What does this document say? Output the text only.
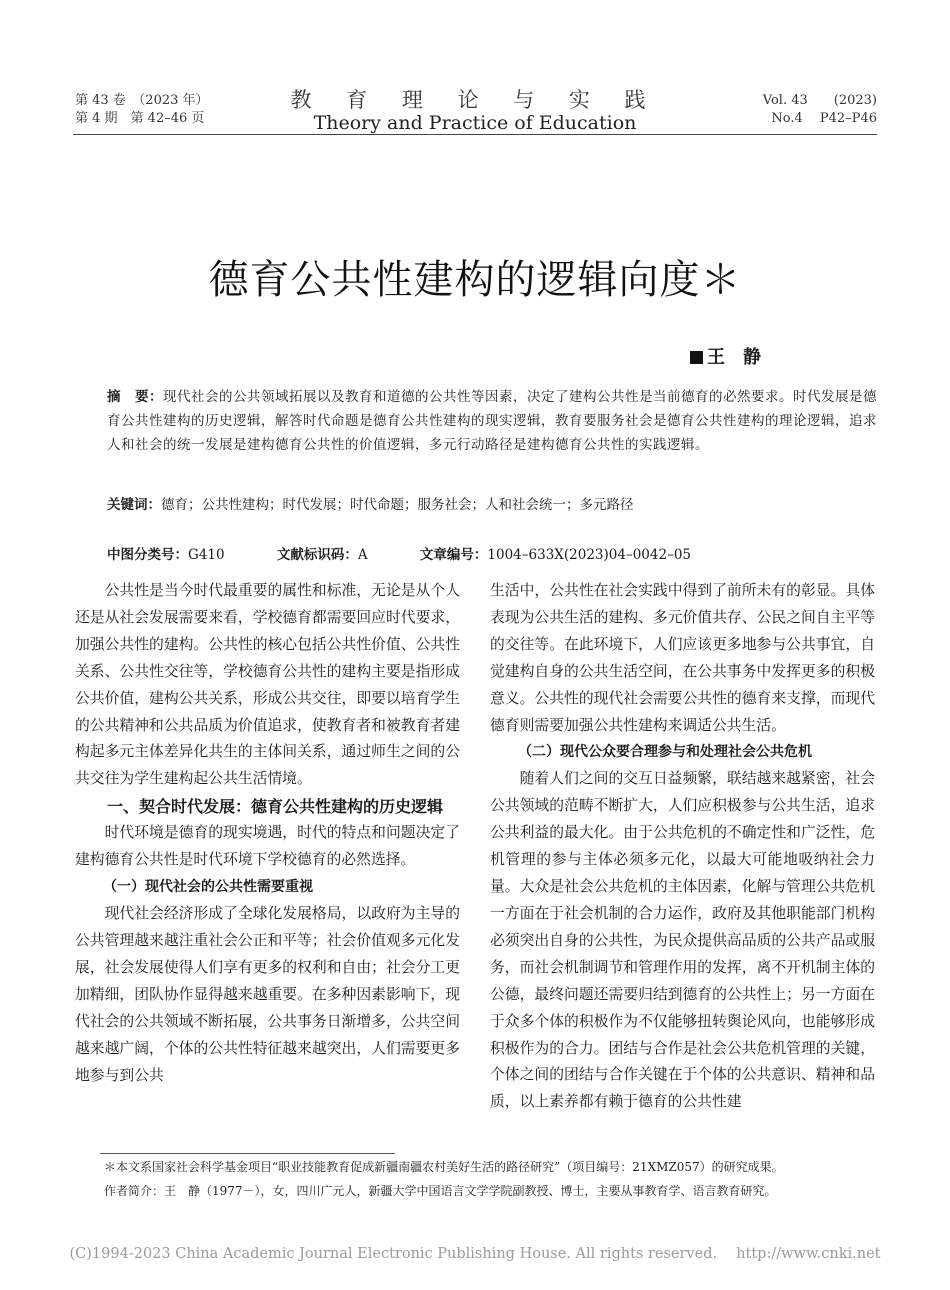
第 43 卷　（2023 年）
第 4 期　第 42–46 页
教 育 理 论 与 实 践
Theory and Practice of Education
Vol. 43　　(2023)
No.4　 P42–P46
德育公共性建构的逻辑向度＊
王　静
摘　要：现代社会的公共领域拓展以及教育和道德的公共性等因素，决定了建构公共性是当前德育的必然要求。时代发展是德育公共性建构的历史逻辑，解答时代命题是德育公共性建构的现实逻辑，教育要服务社会是德育公共性建构的理论逻辑，追求人和社会的统一发展是建构德育公共性的价值逻辑，多元行动路径是建构德育公共性的实践逻辑。
关键词：德育；公共性建构；时代发展；时代命题；服务社会；人和社会统一；多元路径
中图分类号：G410	文献标识码：A	文章编号：1004–633X(2023)04–0042–05

公共性是当今时代最重要的属性和标准，无论是从个人还是从社会发展需要来看，学校德育都需要回应时代要求，加强公共性的建构。公共性的核心包括公共性价值、公共性关系、公共性交往等，学校德育公共性的建构主要是指形成公共价值，建构公共关系，形成公共交往，即要以培育学生的公共精神和公共品质为价值追求，使教育者和被教育者建构起多元主体差异化共生的主体间关系，通过师生之间的公共交往为学生建构起公共生活情境。

一、契合时代发展：德育公共性建构的历史逻辑

时代环境是德育的现实境遇，时代的特点和问题决定了建构德育公共性是时代环境下学校德育的必然选择。

（一）现代社会的公共性需要重视

现代社会经济形成了全球化发展格局，以政府为主导的公共管理越来越注重社会公正和平等；社会价值观多元化发展，社会发展使得人们享有更多的权利和自由；社会分工更加精细，团队协作显得越来越重要。在多种因素影响下，现代社会的公共领域不断拓展，公共事务日渐增多，公共空间越来越广阔，个体的公共性特征越来越突出，人们需要更多地参与到公共

生活中，公共性在社会实践中得到了前所未有的彰显。具体表现为公共生活的建构、多元价值共存、公民之间自主平等的交往等。在此环境下，人们应该更多地参与公共事宜，自觉建构自身的公共生活空间，在公共事务中发挥更多的积极意义。公共性的现代社会需要公共性的德育来支撑，而现代德育则需要加强公共性建构来调适公共生活。

（二）现代公众要合理参与和处理社会公共危机

随着人们之间的交互日益频繁，联结越来越紧密，社会公共领域的范畴不断扩大，人们应积极参与公共生活，追求公共利益的最大化。由于公共危机的不确定性和广泛性，危机管理的参与主体必须多元化，以最大可能地吸纳社会力量。大众是社会公共危机的主体因素，化解与管理公共危机一方面在于社会机制的合力运作，政府及其他职能部门机构必须突出自身的公共性，为民众提供高品质的公共产品或服务，而社会机制调节和管理作用的发挥，离不开机制主体的公德，最终问题还需要归结到德育的公共性上；另一方面在于众多个体的积极作为不仅能够扭转舆论风向，也能够形成积极作为的合力。团结与合作是社会公共危机管理的关键，个体之间的团结与合作关键在于个体的公共意识、精神和品质，以上素养都有赖于德育的公共性建

＊本文系国家社会科学基金项目“职业技能教育促成新疆南疆农村美好生活的路径研究”（项目编号：21XMZ057）的研究成果。
作者简介：王　静（1977－），女，四川广元人，新疆大学中国语言文学学院副教授、博士，主要从事教育学、语言教育研究。
(C)1994-2023 China Academic Journal Electronic Publishing House. All rights reserved.　 http://www.cnki.net
